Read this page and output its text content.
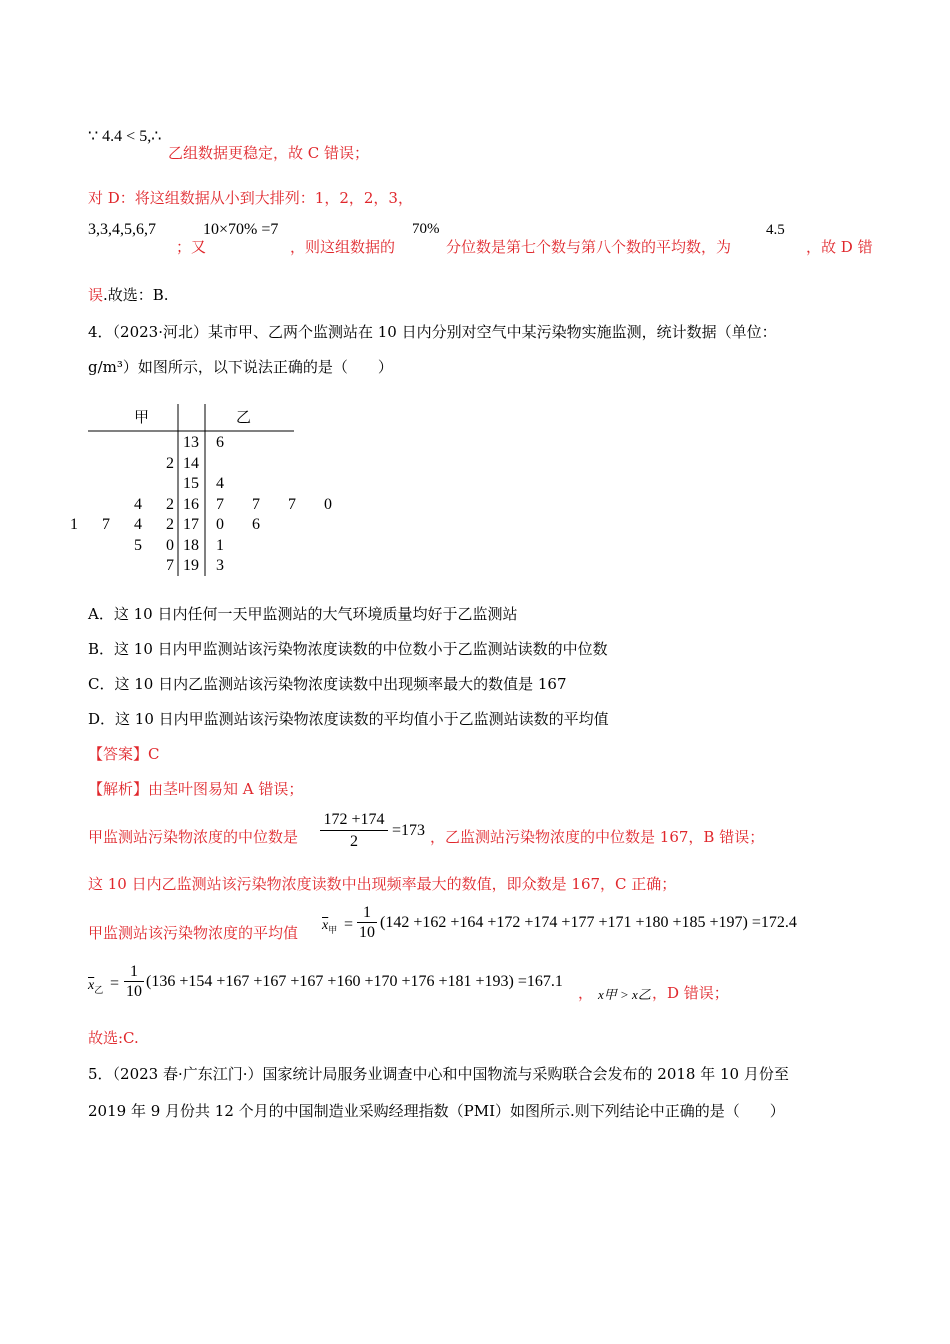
∵ 4.4 < 5,∴
乙组数据更稳定，故 C 错误；
对 D：将这组数据从小到大排列：1，2，2，3，
3,3,4,5,6,7
；又
10×70% =7
，则这组数据的
70%
分位数是第七个数与第八个数的平均数，为
4.5
，故 D 错
误.故选：B.
4．（2023·河北）某市甲、乙两个监测站在 10 日内分别对空气中某污染物实施监测，统计数据（单位：
g/m³）如图所示，以下说法正确的是（　　）
甲	乙
13 6
2 14
15 4
4  2 16 7  7  7  0
1  7  4  2 17 0  6
5  0 18 1
7 19 3
A．这 10 日内任何一天甲监测站的大气环境质量均好于乙监测站
B．这 10 日内甲监测站该污染物浓度读数的中位数小于乙监测站读数的中位数
C．这 10 日内乙监测站该污染物浓度读数中出现频率最大的数值是 167
D．这 10 日内甲监测站该污染物浓度读数的平均值小于乙监测站读数的平均值
【答案】C
【解析】由茎叶图易知 A 错误；
甲监测站污染物浓度的中位数是 $\frac{172 +174}{2} =173$ ，乙监测站污染物浓度的中位数是 167，B 错误；
这 10 日内乙监测站该污染物浓度读数中出现频率最大的数值，即众数是 167，C 正确；
甲监测站该污染物浓度的平均值 $\overline{x}_甲$ =
1
10
(142 +162 +164 +172 +174 +177 +171 +180 +185 +197) =172.4
$\overline{x}_乙$ =
1
10
(136 +154 +167 +167 +167 +160 +170 +176 +181 +193) =167.1
， x甲 > x乙 ，D 错误；
故选:C.
5．（2023 春·广东江门·）国家统计局服务业调查中心和中国物流与采购联合会发布的 2018 年 10 月份至
2019 年 9 月份共 12 个月的中国制造业采购经理指数（PMI）如图所示.则下列结论中正确的是（　　）
